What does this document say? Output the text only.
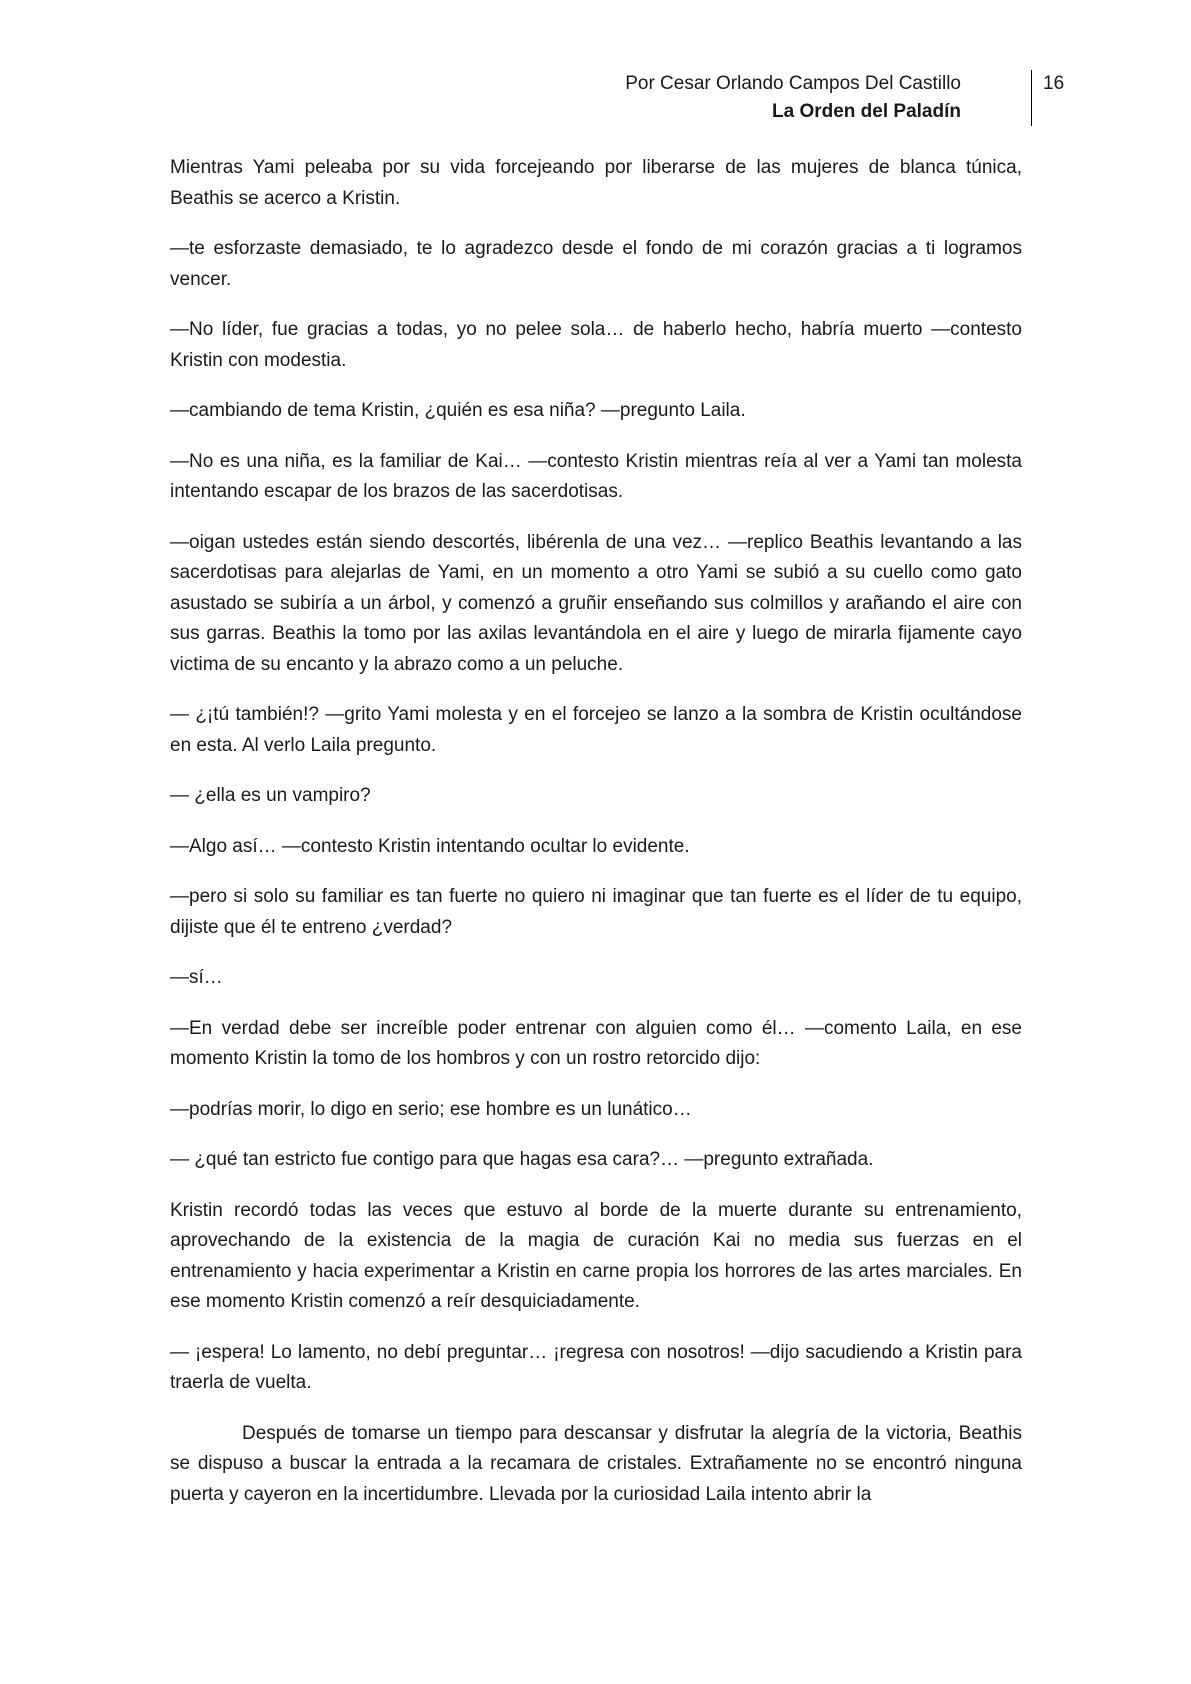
Por Cesar Orlando Campos Del Castillo
La Orden del Paladín
16

Mientras Yami peleaba por su vida forcejeando por liberarse de las mujeres de blanca túnica, Beathis se acerco a Kristin.

—te esforzaste demasiado, te lo agradezco desde el fondo de mi corazón gracias a ti logramos vencer.

—No líder, fue gracias a todas, yo no pelee sola… de haberlo hecho, habría muerto —contesto Kristin con modestia.

—cambiando de tema Kristin, ¿quién es esa niña? —pregunto Laila.

—No es una niña, es la familiar de Kai… —contesto Kristin mientras reía al ver a Yami tan molesta intentando escapar de los brazos de las sacerdotisas.

—oigan ustedes están siendo descortés, libérenla de una vez… —replico Beathis levantando a las sacerdotisas para alejarlas de Yami, en un momento a otro Yami se subió a su cuello como gato asustado se subiría a un árbol, y comenzó a gruñir enseñando sus colmillos y arañando el aire con sus garras. Beathis la tomo por las axilas levantándola en el aire y luego de mirarla fijamente cayo victima de su encanto y la abrazo como a un peluche.

— ¿¡tú también!? —grito Yami molesta y en el forcejeo se lanzo a la sombra de Kristin ocultándose en esta. Al verlo Laila pregunto.

— ¿ella es un vampiro?

—Algo así… —contesto Kristin intentando ocultar lo evidente.

—pero si solo su familiar es tan fuerte no quiero ni imaginar que tan fuerte es el líder de tu equipo, dijiste que él te entreno ¿verdad?

—sí…

—En verdad debe ser increíble poder entrenar con alguien como él… —comento Laila, en ese momento Kristin la tomo de los hombros y con un rostro retorcido dijo:

—podrías morir, lo digo en serio; ese hombre es un lunático…

— ¿qué tan estricto fue contigo para que hagas esa cara?… —pregunto extrañada.

Kristin recordó todas las veces que estuvo al borde de la muerte durante su entrenamiento, aprovechando de la existencia de la magia de curación Kai no media sus fuerzas en el entrenamiento y hacia experimentar a Kristin en carne propia los horrores de las artes marciales. En ese momento Kristin comenzó a reír desquiciadamente.

— ¡espera! Lo lamento, no debí preguntar… ¡regresa con nosotros! —dijo sacudiendo a Kristin para traerla de vuelta.

Después de tomarse un tiempo para descansar y disfrutar la alegría de la victoria, Beathis se dispuso a buscar la entrada a la recamara de cristales. Extrañamente no se encontró ninguna puerta y cayeron en la incertidumbre. Llevada por la curiosidad Laila intento abrir la
